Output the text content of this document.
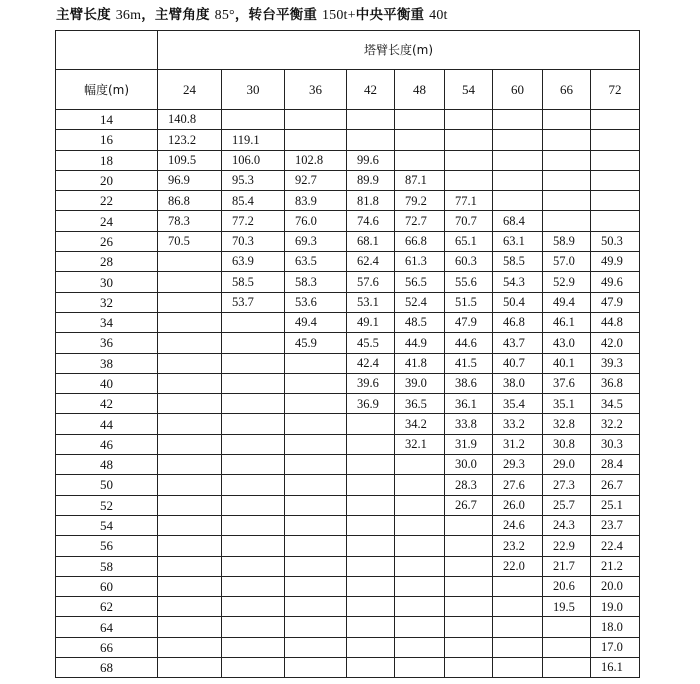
主臂长度 36m，主臂角度 85°，转台平衡重 150t+中央平衡重 40t
	塔臂长度(m)								
幅度(m)	24	30	36	42	48	54	60	66	72
14	140.8								
16	123.2	119.1							
18	109.5	106.0	102.8	99.6					
20	96.9	95.3	92.7	89.9	87.1				
22	86.8	85.4	83.9	81.8	79.2	77.1			
24	78.3	77.2	76.0	74.6	72.7	70.7	68.4		
26	70.5	70.3	69.3	68.1	66.8	65.1	63.1	58.9	50.3
28		63.9	63.5	62.4	61.3	60.3	58.5	57.0	49.9
30		58.5	58.3	57.6	56.5	55.6	54.3	52.9	49.6
32		53.7	53.6	53.1	52.4	51.5	50.4	49.4	47.9
34			49.4	49.1	48.5	47.9	46.8	46.1	44.8
36			45.9	45.5	44.9	44.6	43.7	43.0	42.0
38				42.4	41.8	41.5	40.7	40.1	39.3
40				39.6	39.0	38.6	38.0	37.6	36.8
42				36.9	36.5	36.1	35.4	35.1	34.5
44					34.2	33.8	33.2	32.8	32.2
46					32.1	31.9	31.2	30.8	30.3
48						30.0	29.3	29.0	28.4
50						28.3	27.6	27.3	26.7
52						26.7	26.0	25.7	25.1
54							24.6	24.3	23.7
56							23.2	22.9	22.4
58							22.0	21.7	21.2
60								20.6	20.0
62								19.5	19.0
64									18.0
66									17.0
68									16.1
